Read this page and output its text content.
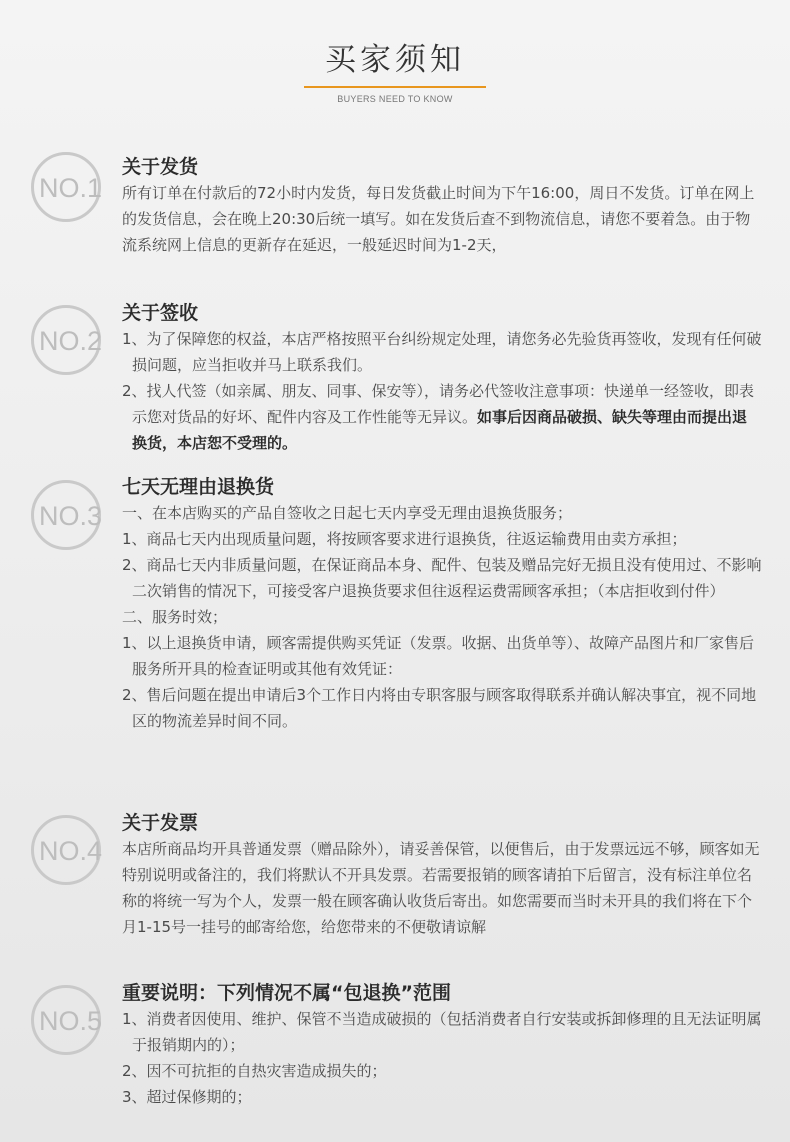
买家须知
BUYERS NEED TO KNOW
NO.1
关于发货

所有订单在付款后的72小时内发货，每日发货截止时间为下午16:00，周日不发货。订单在网上的发货信息，会在晚上20:30后统一填写。如在发货后查不到物流信息，请您不要着急。由于物流系统网上信息的更新存在延迟，一般延迟时间为1-2天，

NO.2
关于签收

1、为了保障您的权益，本店严格按照平台纠纷规定处理，请您务必先验货再签收，发现有任何破损问题，应当拒收并马上联系我们。

2、找人代签（如亲属、朋友、同事、保安等），请务必代签收注意事项：快递单一经签收，即表示您对货品的好坏、配件内容及工作性能等无异议。如事后因商品破损、缺失等理由而提出退换货，本店恕不受理的。

NO.3
七天无理由退换货

一、在本店购买的产品自签收之日起七天内享受无理由退换货服务；

1、商品七天内出现质量问题，将按顾客要求进行退换货，往返运输费用由卖方承担；

2、商品七天内非质量问题，在保证商品本身、配件、包装及赠品完好无损且没有使用过、不影响二次销售的情况下，可接受客户退换货要求但往返程运费需顾客承担；（本店拒收到付件）

二、服务时效；

1、以上退换货申请，顾客需提供购买凭证（发票。收据、出货单等）、故障产品图片和厂家售后服务所开具的检查证明或其他有效凭证：

2、售后问题在提出申请后3个工作日内将由专职客服与顾客取得联系并确认解决事宜，视不同地区的物流差异时间不同。

NO.4
关于发票

本店所商品均开具普通发票（赠品除外），请妥善保管，以便售后，由于发票远远不够，顾客如无特别说明或备注的，我们将默认不开具发票。若需要报销的顾客请拍下后留言，没有标注单位名称的将统一写为个人，发票一般在顾客确认收货后寄出。如您需要而当时未开具的我们将在下个月1-15号一挂号的邮寄给您，给您带来的不便敬请谅解

NO.5
重要说明：下列情况不属“包退换”范围

1、消费者因使用、维护、保管不当造成破损的（包括消费者自行安装或拆卸修理的且无法证明属于报销期内的）；

2、因不可抗拒的自热灾害造成损失的；

3、超过保修期的；
